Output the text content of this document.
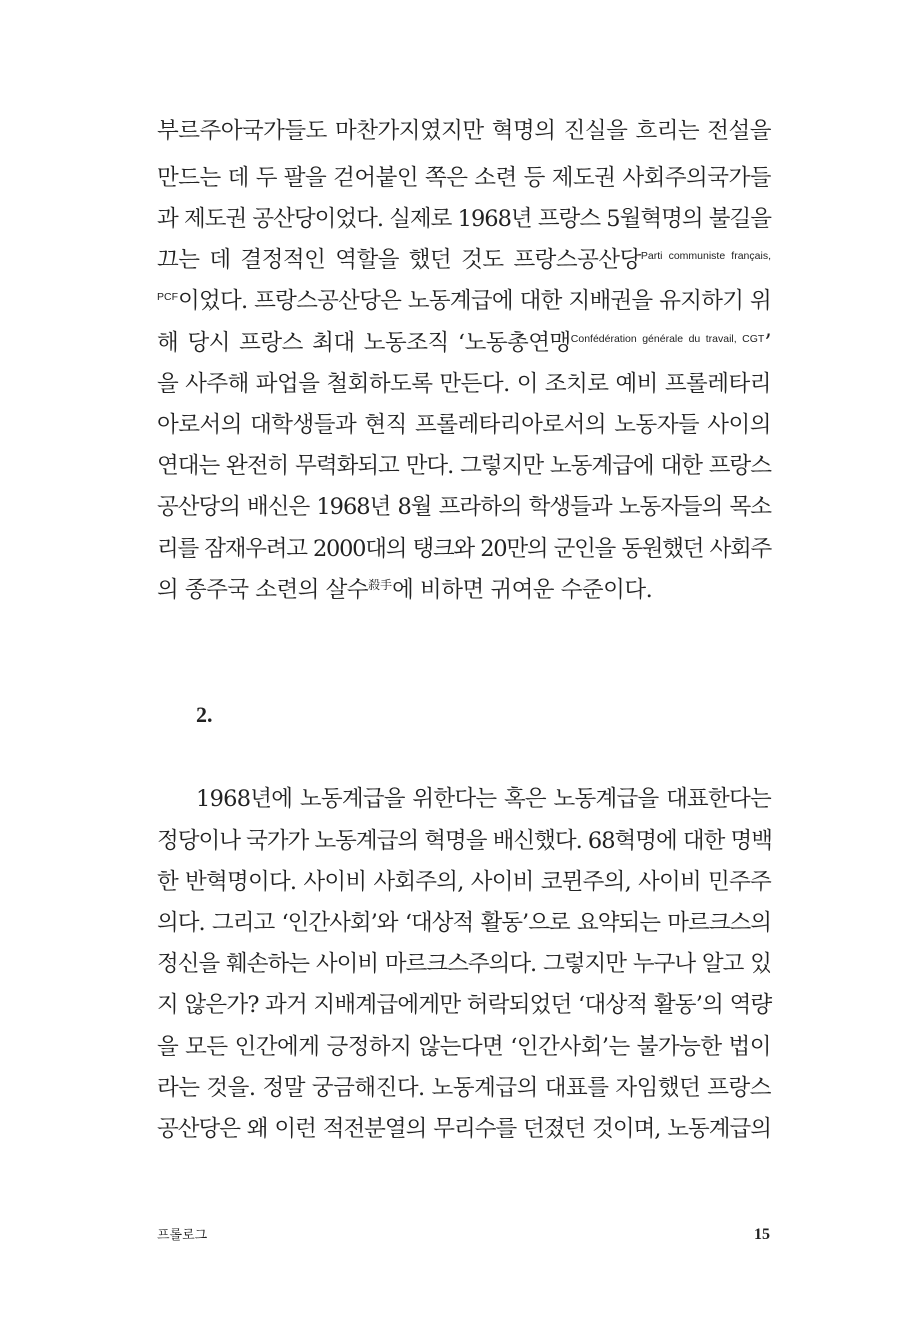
부르주아국가들도 마찬가지였지만 혁명의 진실을 흐리는 전설을
만드는 데 두 팔을 걷어붙인 쪽은 소련 등 제도권 사회주의국가들
과 제도권 공산당이었다. 실제로 1968년 프랑스 5월혁명의 불길을
끄는 데 결정적인 역할을 했던 것도 프랑스공산당$^{Parti communiste français,}$
$^{PCF}$이었다. 프랑스공산당은 노동계급에 대한 지배권을 유지하기 위
해 당시 프랑스 최대 노동조직 ‘노동총연맹$^{Confédération générale du travail, CGT}$’
을 사주해 파업을 철회하도록 만든다. 이 조치로 예비 프롤레타리
아로서의 대학생들과 현직 프롤레타리아로서의 노동자들 사이의
연대는 완전히 무력화되고 만다. 그렇지만 노동계급에 대한 프랑스
공산당의 배신은 1968년 8월 프라하의 학생들과 노동자들의 목소
리를 잠재우려고 2000대의 탱크와 20만의 군인을 동원했던 사회주
의 종주국 소련의 살수$^{殺手}$에 비하면 귀여운 수준이다.
2.
1968년에 노동계급을 위한다는 혹은 노동계급을 대표한다는
정당이나 국가가 노동계급의 혁명을 배신했다. 68혁명에 대한 명백
한 반혁명이다. 사이비 사회주의, 사이비 코뮌주의, 사이비 민주주
의다. 그리고 ‘인간사회’와 ‘대상적 활동’으로 요약되는 마르크스의
정신을 훼손하는 사이비 마르크스주의다. 그렇지만 누구나 알고 있
지 않은가? 과거 지배계급에게만 허락되었던 ‘대상적 활동’의 역량
을 모든 인간에게 긍정하지 않는다면 ‘인간사회’는 불가능한 법이
라는 것을. 정말 궁금해진다. 노동계급의 대표를 자임했던 프랑스
공산당은 왜 이런 적전분열의 무리수를 던졌던 것이며, 노동계급의
프롤로그	15
